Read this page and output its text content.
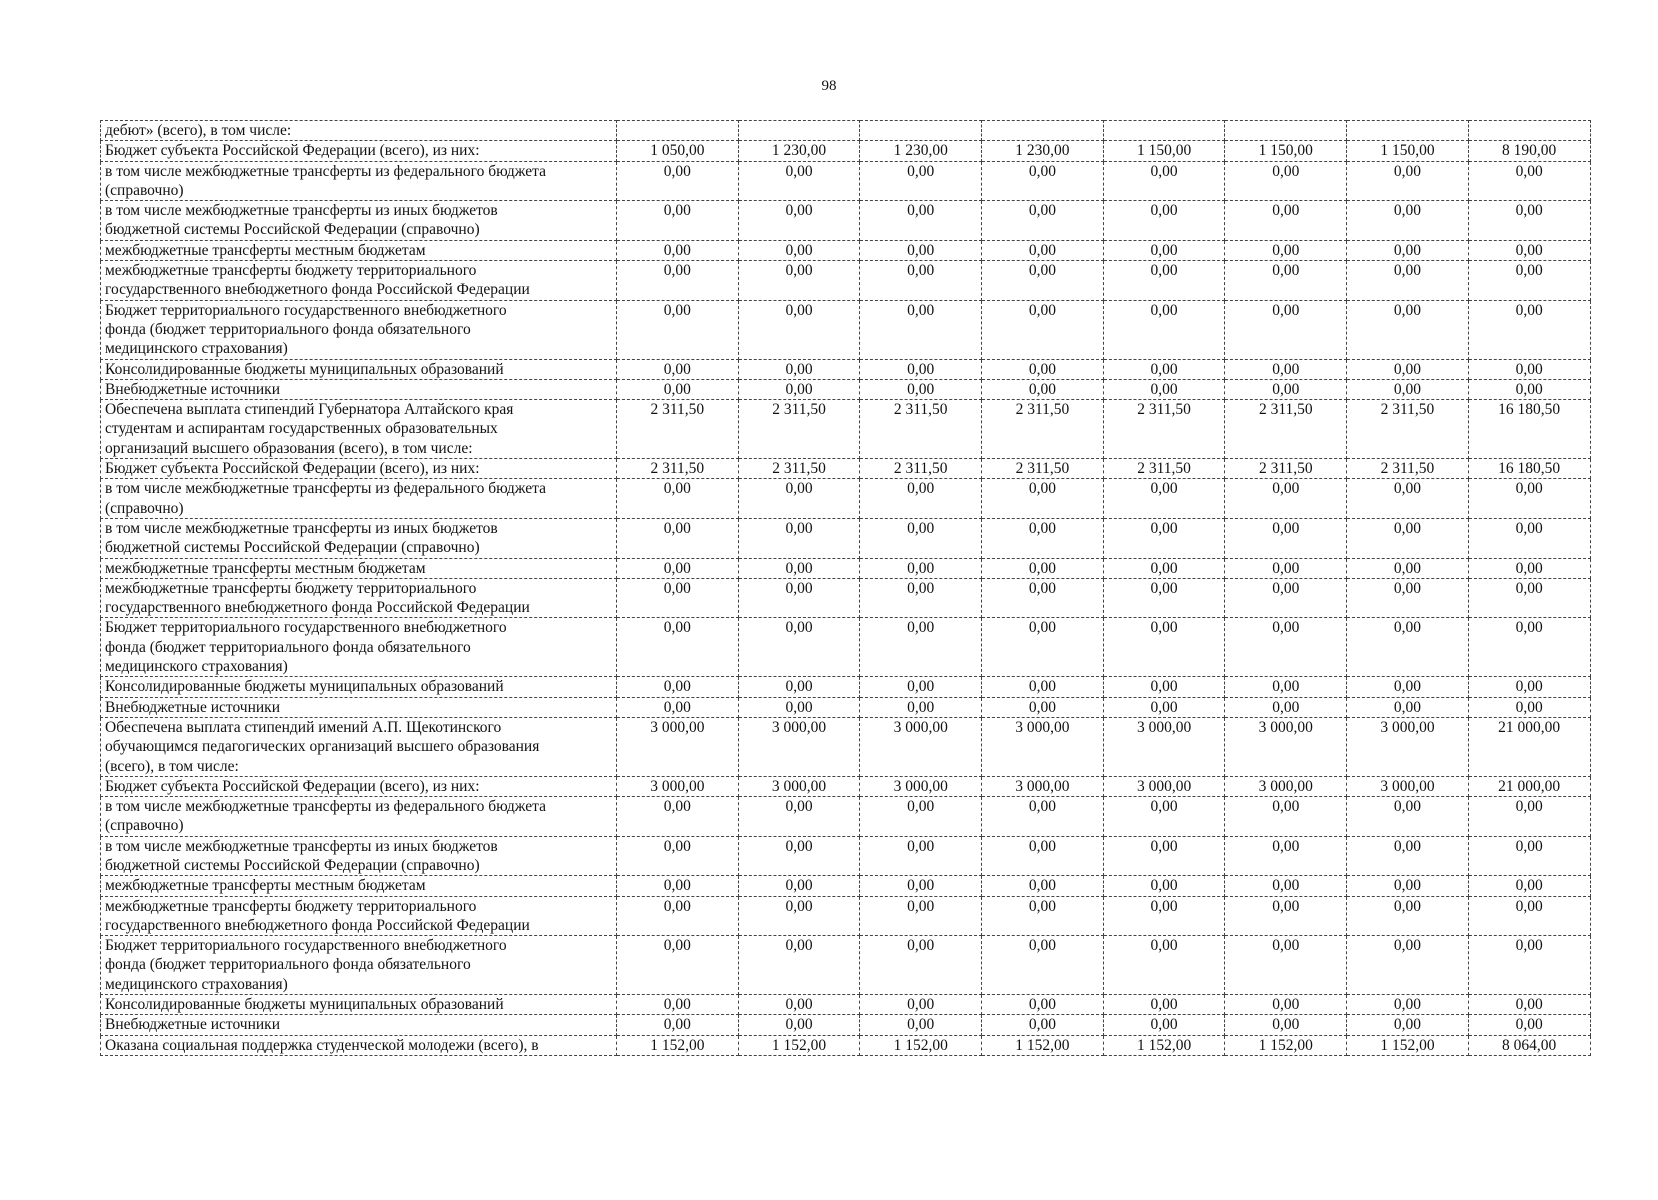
98
дебют» (всего), в том числе:								
Бюджет субъекта Российской Федерации (всего), из них:	1 050,00	1 230,00	1 230,00	1 230,00	1 150,00	1 150,00	1 150,00	8 190,00
в том числе межбюджетные трансферты из федерального бюджета
(справочно)	0,00	0,00	0,00	0,00	0,00	0,00	0,00	0,00
в том числе межбюджетные трансферты из иных бюджетов
бюджетной системы Российской Федерации (справочно)	0,00	0,00	0,00	0,00	0,00	0,00	0,00	0,00
межбюджетные трансферты местным бюджетам	0,00	0,00	0,00	0,00	0,00	0,00	0,00	0,00
межбюджетные трансферты бюджету территориального
государственного внебюджетного фонда Российской Федерации	0,00	0,00	0,00	0,00	0,00	0,00	0,00	0,00
Бюджет территориального государственного внебюджетного
фонда (бюджет территориального фонда обязательного
медицинского страхования)	0,00	0,00	0,00	0,00	0,00	0,00	0,00	0,00
Консолидированные бюджеты муниципальных образований	0,00	0,00	0,00	0,00	0,00	0,00	0,00	0,00
Внебюджетные источники	0,00	0,00	0,00	0,00	0,00	0,00	0,00	0,00
Обеспечена выплата стипендий Губернатора Алтайского края
студентам и аспирантам государственных образовательных
организаций высшего образования (всего), в том числе:	2 311,50	2 311,50	2 311,50	2 311,50	2 311,50	2 311,50	2 311,50	16 180,50
Бюджет субъекта Российской Федерации (всего), из них:	2 311,50	2 311,50	2 311,50	2 311,50	2 311,50	2 311,50	2 311,50	16 180,50
в том числе межбюджетные трансферты из федерального бюджета
(справочно)	0,00	0,00	0,00	0,00	0,00	0,00	0,00	0,00
в том числе межбюджетные трансферты из иных бюджетов
бюджетной системы Российской Федерации (справочно)	0,00	0,00	0,00	0,00	0,00	0,00	0,00	0,00
межбюджетные трансферты местным бюджетам	0,00	0,00	0,00	0,00	0,00	0,00	0,00	0,00
межбюджетные трансферты бюджету территориального
государственного внебюджетного фонда Российской Федерации	0,00	0,00	0,00	0,00	0,00	0,00	0,00	0,00
Бюджет территориального государственного внебюджетного
фонда (бюджет территориального фонда обязательного
медицинского страхования)	0,00	0,00	0,00	0,00	0,00	0,00	0,00	0,00
Консолидированные бюджеты муниципальных образований	0,00	0,00	0,00	0,00	0,00	0,00	0,00	0,00
Внебюджетные источники	0,00	0,00	0,00	0,00	0,00	0,00	0,00	0,00
Обеспечена выплата стипендий имений А.П. Щекотинского
обучающимся педагогических организаций высшего образования
(всего), в том числе:	3 000,00	3 000,00	3 000,00	3 000,00	3 000,00	3 000,00	3 000,00	21 000,00
Бюджет субъекта Российской Федерации (всего), из них:	3 000,00	3 000,00	3 000,00	3 000,00	3 000,00	3 000,00	3 000,00	21 000,00
в том числе межбюджетные трансферты из федерального бюджета
(справочно)	0,00	0,00	0,00	0,00	0,00	0,00	0,00	0,00
в том числе межбюджетные трансферты из иных бюджетов
бюджетной системы Российской Федерации (справочно)	0,00	0,00	0,00	0,00	0,00	0,00	0,00	0,00
межбюджетные трансферты местным бюджетам	0,00	0,00	0,00	0,00	0,00	0,00	0,00	0,00
межбюджетные трансферты бюджету территориального
государственного внебюджетного фонда Российской Федерации	0,00	0,00	0,00	0,00	0,00	0,00	0,00	0,00
Бюджет территориального государственного внебюджетного
фонда (бюджет территориального фонда обязательного
медицинского страхования)	0,00	0,00	0,00	0,00	0,00	0,00	0,00	0,00
Консолидированные бюджеты муниципальных образований	0,00	0,00	0,00	0,00	0,00	0,00	0,00	0,00
Внебюджетные источники	0,00	0,00	0,00	0,00	0,00	0,00	0,00	0,00
Оказана социальная поддержка студенческой молодежи (всего), в	1 152,00	1 152,00	1 152,00	1 152,00	1 152,00	1 152,00	1 152,00	8 064,00
